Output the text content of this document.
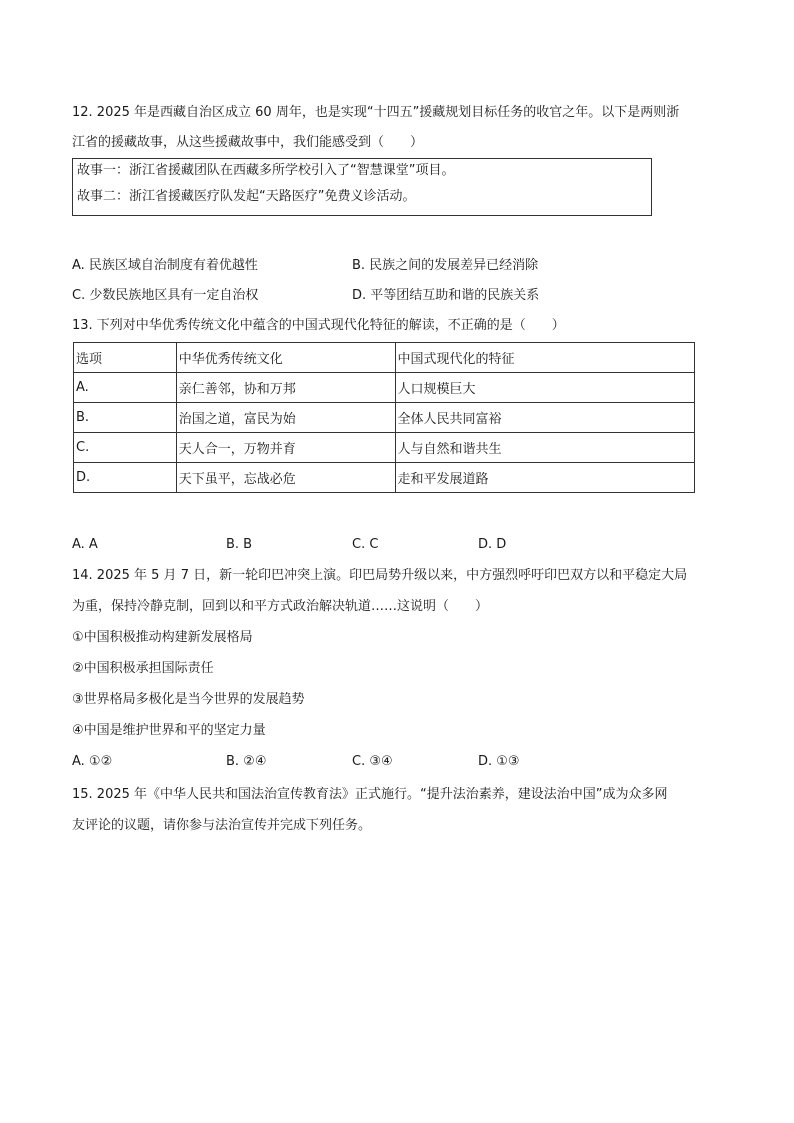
12. 2025 年是西藏自治区成立 60 周年，也是实现“十四五”援藏规划目标任务的收官之年。以下是两则浙
江省的援藏故事，从这些援藏故事中，我们能感受到（　　）
故事一：浙江省援藏团队在西藏多所学校引入了“智慧课堂”项目。
故事二：浙江省援藏医疗队发起“天路医疗”免费义诊活动。
A. 民族区域自治制度有着优越性	B. 民族之间的发展差异已经消除
C. 少数民族地区具有一定自治权	D. 平等团结互助和谐的民族关系
13. 下列对中华优秀传统文化中蕴含的中国式现代化特征的解读，不正确的是（　　）
选项	中华优秀传统文化	中国式现代化的特征
A.	亲仁善邻，协和万邦	人口规模巨大
B.	治国之道，富民为始	全体人民共同富裕
C.	天人合一，万物并育	人与自然和谐共生
D.	天下虽平，忘战必危	走和平发展道路
A. A	B. B	C. C	D. D
14. 2025 年 5 月 7 日，新一轮印巴冲突上演。印巴局势升级以来，中方强烈呼吁印巴双方以和平稳定大局
为重，保持冷静克制，回到以和平方式政治解决轨道……这说明（　　）
①中国积极推动构建新发展格局
②中国积极承担国际责任
③世界格局多极化是当今世界的发展趋势
④中国是维护世界和平的坚定力量
A. ①②	B. ②④	C. ③④	D. ①③
15. 2025 年《中华人民共和国法治宣传教育法》正式施行。“提升法治素养，建设法治中国”成为众多网
友评论的议题，请你参与法治宣传并完成下列任务。
